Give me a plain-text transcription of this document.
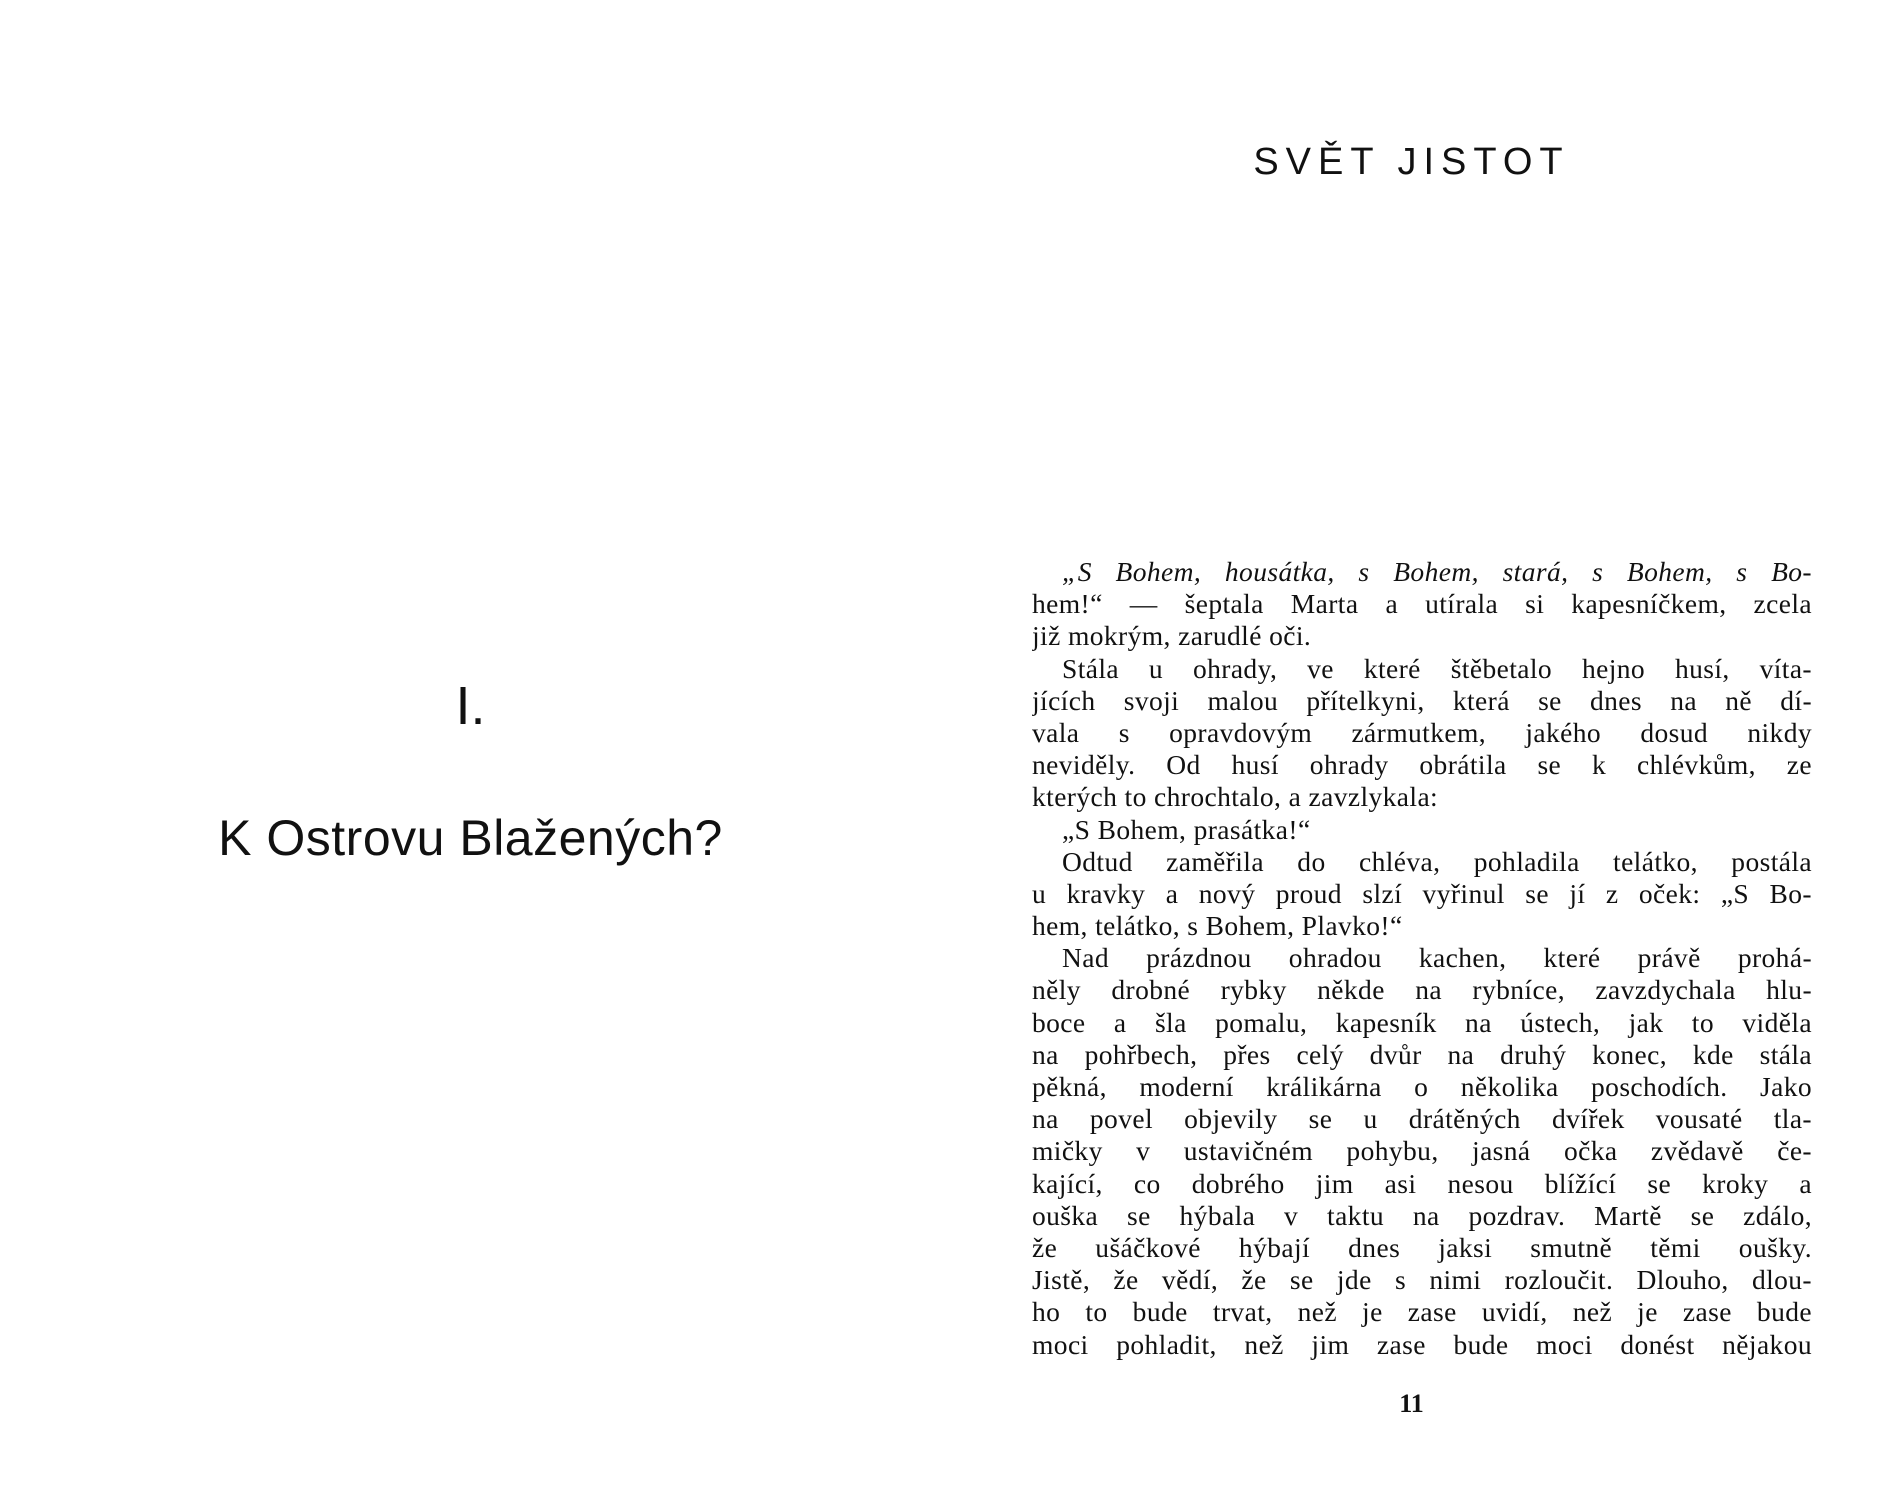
I.
K Ostrovu Blažených?
SVĚT JISTOT
„S Bohem, housátka, s Bohem, stará, s Bohem, s Bo-
hem!“ — šeptala Marta a utírala si kapesníčkem, zcela
již mokrým, zarudlé oči.
Stála u ohrady, ve které štěbetalo hejno husí, víta-
jících svoji malou přítelkyni, která se dnes na ně dí-
vala s opravdovým zármutkem, jakého dosud nikdy
neviděly. Od husí ohrady obrátila se k chlévkům, ze
kterých to chrochtalo, a zavzlykala:
„S Bohem, prasátka!“
Odtud zaměřila do chléva, pohladila telátko, postála
u kravky a nový proud slzí vyřinul se jí z oček: „S Bo-
hem, telátko, s Bohem, Plavko!“
Nad prázdnou ohradou kachen, které právě prohá-
něly drobné rybky někde na rybníce, zavzdychala hlu-
boce a šla pomalu, kapesník na ústech, jak to viděla
na pohřbech, přes celý dvůr na druhý konec, kde stála
pěkná, moderní králikárna o několika poschodích. Jako
na povel objevily se u drátěných dvířek vousaté tla-
mičky v ustavičném pohybu, jasná očka zvědavě če-
kající, co dobrého jim asi nesou blížící se kroky a
ouška se hýbala v taktu na pozdrav. Martě se zdálo,
že ušáčkové hýbají dnes jaksi smutně těmi oušky.
Jistě, že vědí, že se jde s nimi rozloučit. Dlouho, dlou-
ho to bude trvat, než je zase uvidí, než je zase bude
moci pohladit, než jim zase bude moci donést nějakou
11
